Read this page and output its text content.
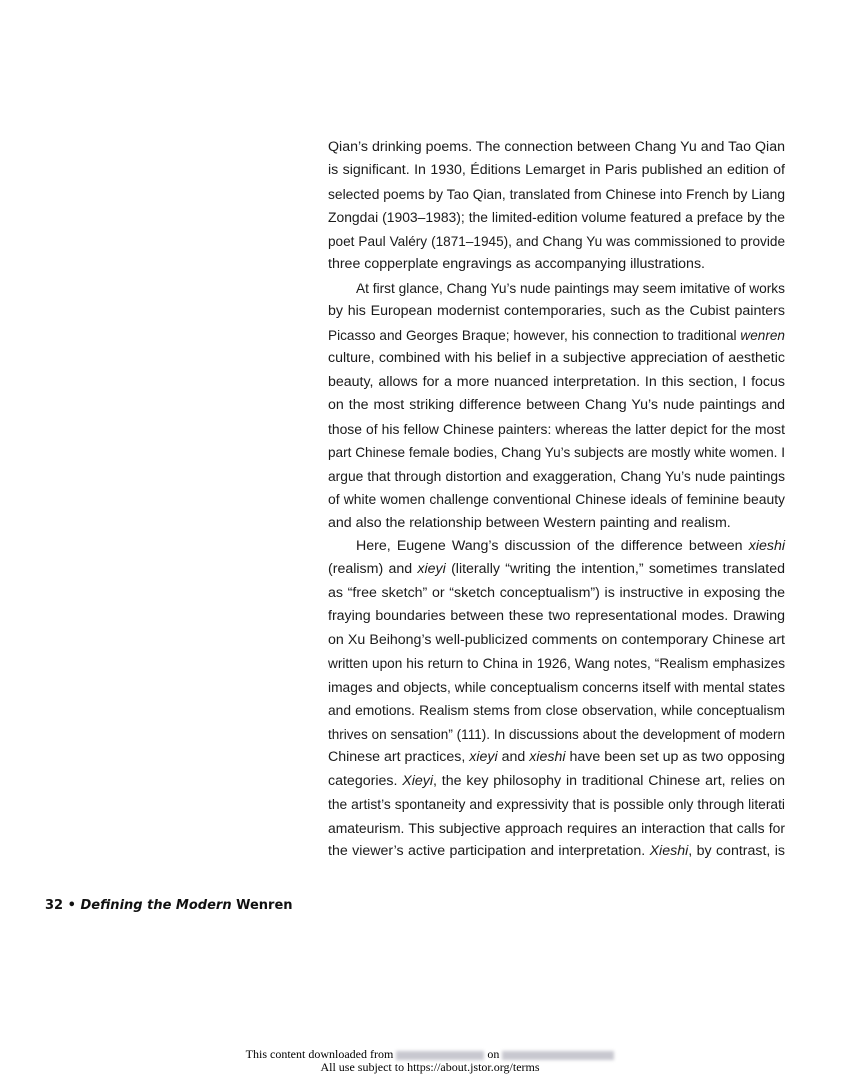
Qian’s drinking poems. The connection between Chang Yu and Tao Qian
is significant. In 1930, Éditions Lemarget in Paris published an edition of
selected poems by Tao Qian, translated from Chinese into French by Liang
Zongdai (1903–1983); the limited-edition volume featured a preface by the
poet Paul Valéry (1871–1945), and Chang Yu was commissioned to provide
three copperplate engravings as accompanying illustrations.
At first glance, Chang Yu’s nude paintings may seem imitative of works
by his European modernist contemporaries, such as the Cubist painters
Picasso and Georges Braque; however, his connection to traditional wenren
culture, combined with his belief in a subjective appreciation of aesthetic
beauty, allows for a more nuanced interpretation. In this section, I focus
on the most striking difference between Chang Yu’s nude paintings and
those of his fellow Chinese painters: whereas the latter depict for the most
part Chinese female bodies, Chang Yu’s subjects are mostly white women. I
argue that through distortion and exaggeration, Chang Yu’s nude paintings
of white women challenge conventional Chinese ideals of feminine beauty
and also the relationship between Western painting and realism.
Here, Eugene Wang’s discussion of the difference between xieshi
(realism) and xieyi (literally “writing the intention,” sometimes translated
as “free sketch” or “sketch conceptualism”) is instructive in exposing the
fraying boundaries between these two representational modes. Drawing
on Xu Beihong’s well-publicized comments on contemporary Chinese art
written upon his return to China in 1926, Wang notes, “Realism emphasizes
images and objects, while conceptualism concerns itself with mental states
and emotions. Realism stems from close observation, while conceptualism
thrives on sensation” (111). In discussions about the development of modern
Chinese art practices, xieyi and xieshi have been set up as two opposing
categories. Xieyi, the key philosophy in traditional Chinese art, relies on
the artist’s spontaneity and expressivity that is possible only through literati
amateurism. This subjective approach requires an interaction that calls for
the viewer’s active participation and interpretation. Xieshi, by contrast, is
32 • Defining the Modern Wenren
This content downloaded from	on
All use subject to https://about.jstor.org/terms
